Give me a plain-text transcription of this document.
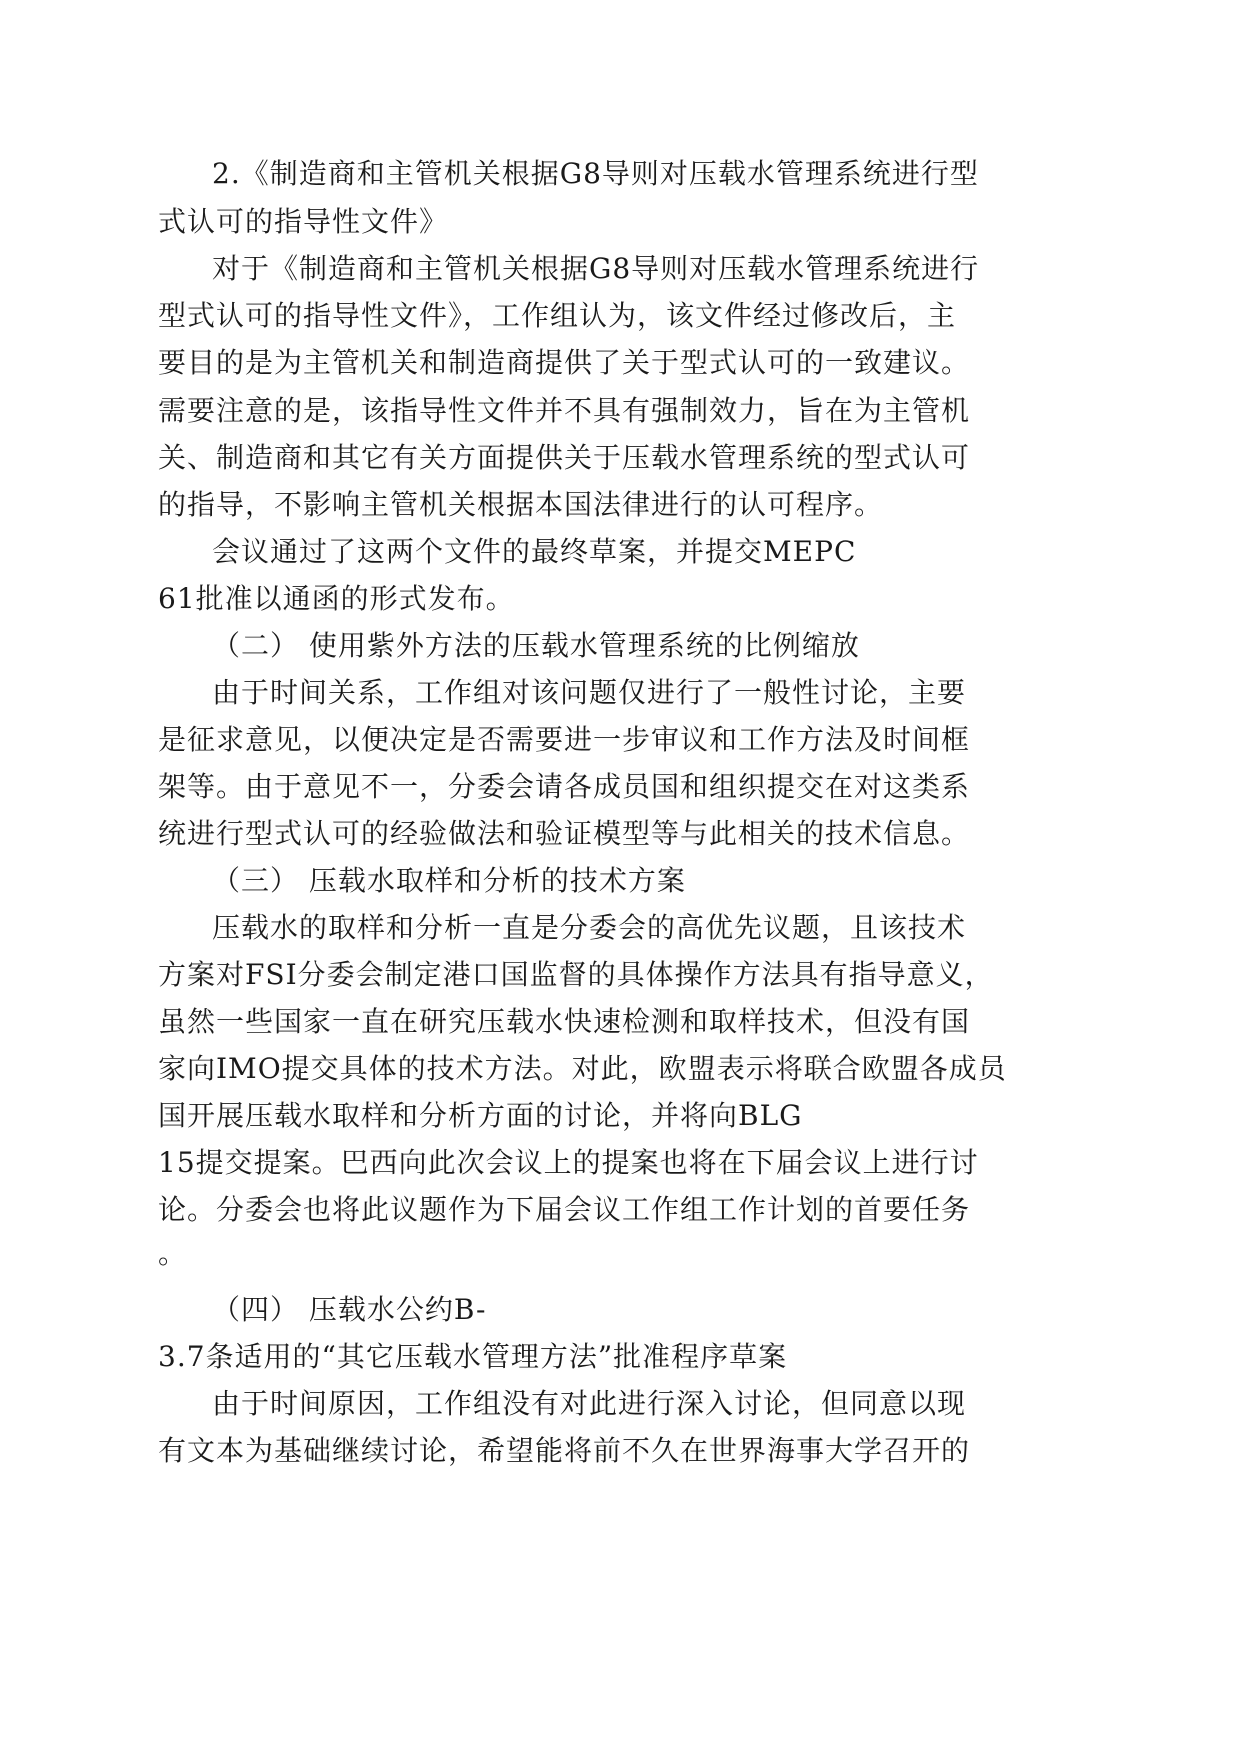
2.《制造商和主管机关根据G8导则对压载水管理系统进行型
式认可的指导性文件》
对于《制造商和主管机关根据G8导则对压载水管理系统进行
型式认可的指导性文件》，工作组认为，该文件经过修改后，主
要目的是为主管机关和制造商提供了关于型式认可的一致建议。
需要注意的是，该指导性文件并不具有强制效力，旨在为主管机
关、制造商和其它有关方面提供关于压载水管理系统的型式认可
的指导，不影响主管机关根据本国法律进行的认可程序。
会议通过了这两个文件的最终草案，并提交MEPC
61批准以通函的形式发布。
（二） 使用紫外方法的压载水管理系统的比例缩放
由于时间关系，工作组对该问题仅进行了一般性讨论，主要
是征求意见，以便决定是否需要进一步审议和工作方法及时间框
架等。由于意见不一，分委会请各成员国和组织提交在对这类系
统进行型式认可的经验做法和验证模型等与此相关的技术信息。
（三） 压载水取样和分析的技术方案
压载水的取样和分析一直是分委会的高优先议题，且该技术
方案对FSI分委会制定港口国监督的具体操作方法具有指导意义，
虽然一些国家一直在研究压载水快速检测和取样技术，但没有国
家向IMO提交具体的技术方法。对此，欧盟表示将联合欧盟各成员
国开展压载水取样和分析方面的讨论，并将向BLG
15提交提案。巴西向此次会议上的提案也将在下届会议上进行讨
论。分委会也将此议题作为下届会议工作组工作计划的首要任务
。
（四） 压载水公约B-
3.7条适用的“其它压载水管理方法”批准程序草案
由于时间原因，工作组没有对此进行深入讨论，但同意以现
有文本为基础继续讨论，希望能将前不久在世界海事大学召开的
